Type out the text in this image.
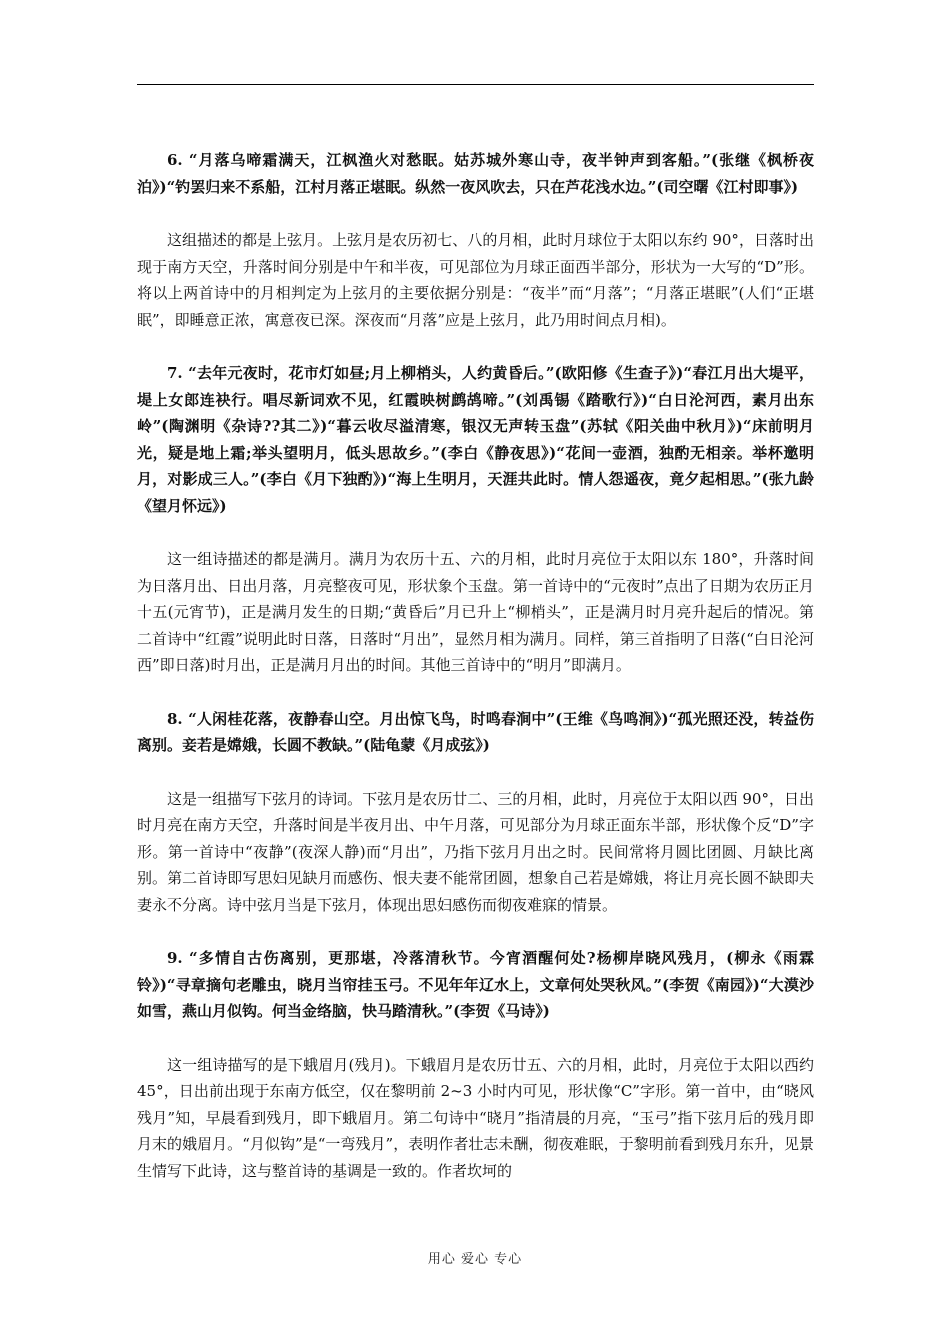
6. “月落乌啼霜满天，江枫渔火对愁眠。姑苏城外寒山寺，夜半钟声到客船。”(张继《枫桥夜泊》)“钓罢归来不系船，江村月落正堪眠。纵然一夜风吹去，只在芦花浅水边。”(司空曙《江村即事》)

这组描述的都是上弦月。上弦月是农历初七、八的月相，此时月球位于太阳以东约 90°，日落时出现于南方天空，升落时间分别是中午和半夜，可见部位为月球正面西半部分，形状为一大写的“D”形。将以上两首诗中的月相判定为上弦月的主要依据分别是：“夜半”而“月落”；“月落正堪眠”(人们“正堪眠”，即睡意正浓，寓意夜已深。深夜而“月落”应是上弦月，此乃用时间点月相)。

7. “去年元夜时，花市灯如昼;月上柳梢头，人约黄昏后。”(欧阳修《生查子》)“春江月出大堤平，堤上女郎连袂行。唱尽新词欢不见，红霞映树鹧鸪啼。”(刘禹锡《踏歌行》)“白日沦河西，素月出东岭”(陶渊明《杂诗??其二》)“暮云收尽溢清寒，银汉无声转玉盘”(苏轼《阳关曲中秋月》)“床前明月光，疑是地上霜;举头望明月，低头思故乡。”(李白《静夜思》)“花间一壶酒，独酌无相亲。举杯邀明月，对影成三人。”(李白《月下独酌》)“海上生明月，天涯共此时。情人怨遥夜，竟夕起相思。”(张九龄《望月怀远》)

这一组诗描述的都是满月。满月为农历十五、六的月相，此时月亮位于太阳以东 180°，升落时间为日落月出、日出月落，月亮整夜可见，形状象个玉盘。第一首诗中的“元夜时”点出了日期为农历正月十五(元宵节)，正是满月发生的日期;“黄昏后”月已升上“柳梢头”，正是满月时月亮升起后的情况。第二首诗中“红霞”说明此时日落，日落时“月出”，显然月相为满月。同样，第三首指明了日落(“白日沦河西”即日落)时月出，正是满月月出的时间。其他三首诗中的“明月”即满月。

8. “人闲桂花落，夜静春山空。月出惊飞鸟，时鸣春涧中”(王维《鸟鸣涧》)“孤光照还没，转益伤离别。妾若是嫦娥，长圆不教缺。”(陆龟蒙《月成弦》)

这是一组描写下弦月的诗词。下弦月是农历廿二、三的月相，此时，月亮位于太阳以西 90°，日出时月亮在南方天空，升落时间是半夜月出、中午月落，可见部分为月球正面东半部，形状像个反“D”字形。第一首诗中“夜静”(夜深人静)而“月出”，乃指下弦月月出之时。民间常将月圆比团圆、月缺比离别。第二首诗即写思妇见缺月而感伤、恨夫妻不能常团圆，想象自己若是嫦娥，将让月亮长圆不缺即夫妻永不分离。诗中弦月当是下弦月，体现出思妇感伤而彻夜难寐的情景。

9. “多情自古伤离别，更那堪，冷落清秋节。今宵酒醒何处?杨柳岸晓风残月，(柳永《雨霖铃》)“寻章摘句老雕虫，晓月当帘挂玉弓。不见年年辽水上，文章何处哭秋风。”(李贺《南园》)“大漠沙如雪，燕山月似钩。何当金络脑，快马踏清秋。”(李贺《马诗》)

这一组诗描写的是下蛾眉月(残月)。下蛾眉月是农历廿五、六的月相，此时，月亮位于太阳以西约 45°，日出前出现于东南方低空，仅在黎明前 2~3 小时内可见，形状像“C”字形。第一首中，由“晓风残月”知，早晨看到残月，即下蛾眉月。第二句诗中“晓月”指清晨的月亮，“玉弓”指下弦月后的残月即月末的娥眉月。“月似钩”是“一弯残月”，表明作者壮志未酬，彻夜难眠，于黎明前看到残月东升，见景生情写下此诗，这与整首诗的基调是一致的。作者坎坷的

用心 爱心 专心
